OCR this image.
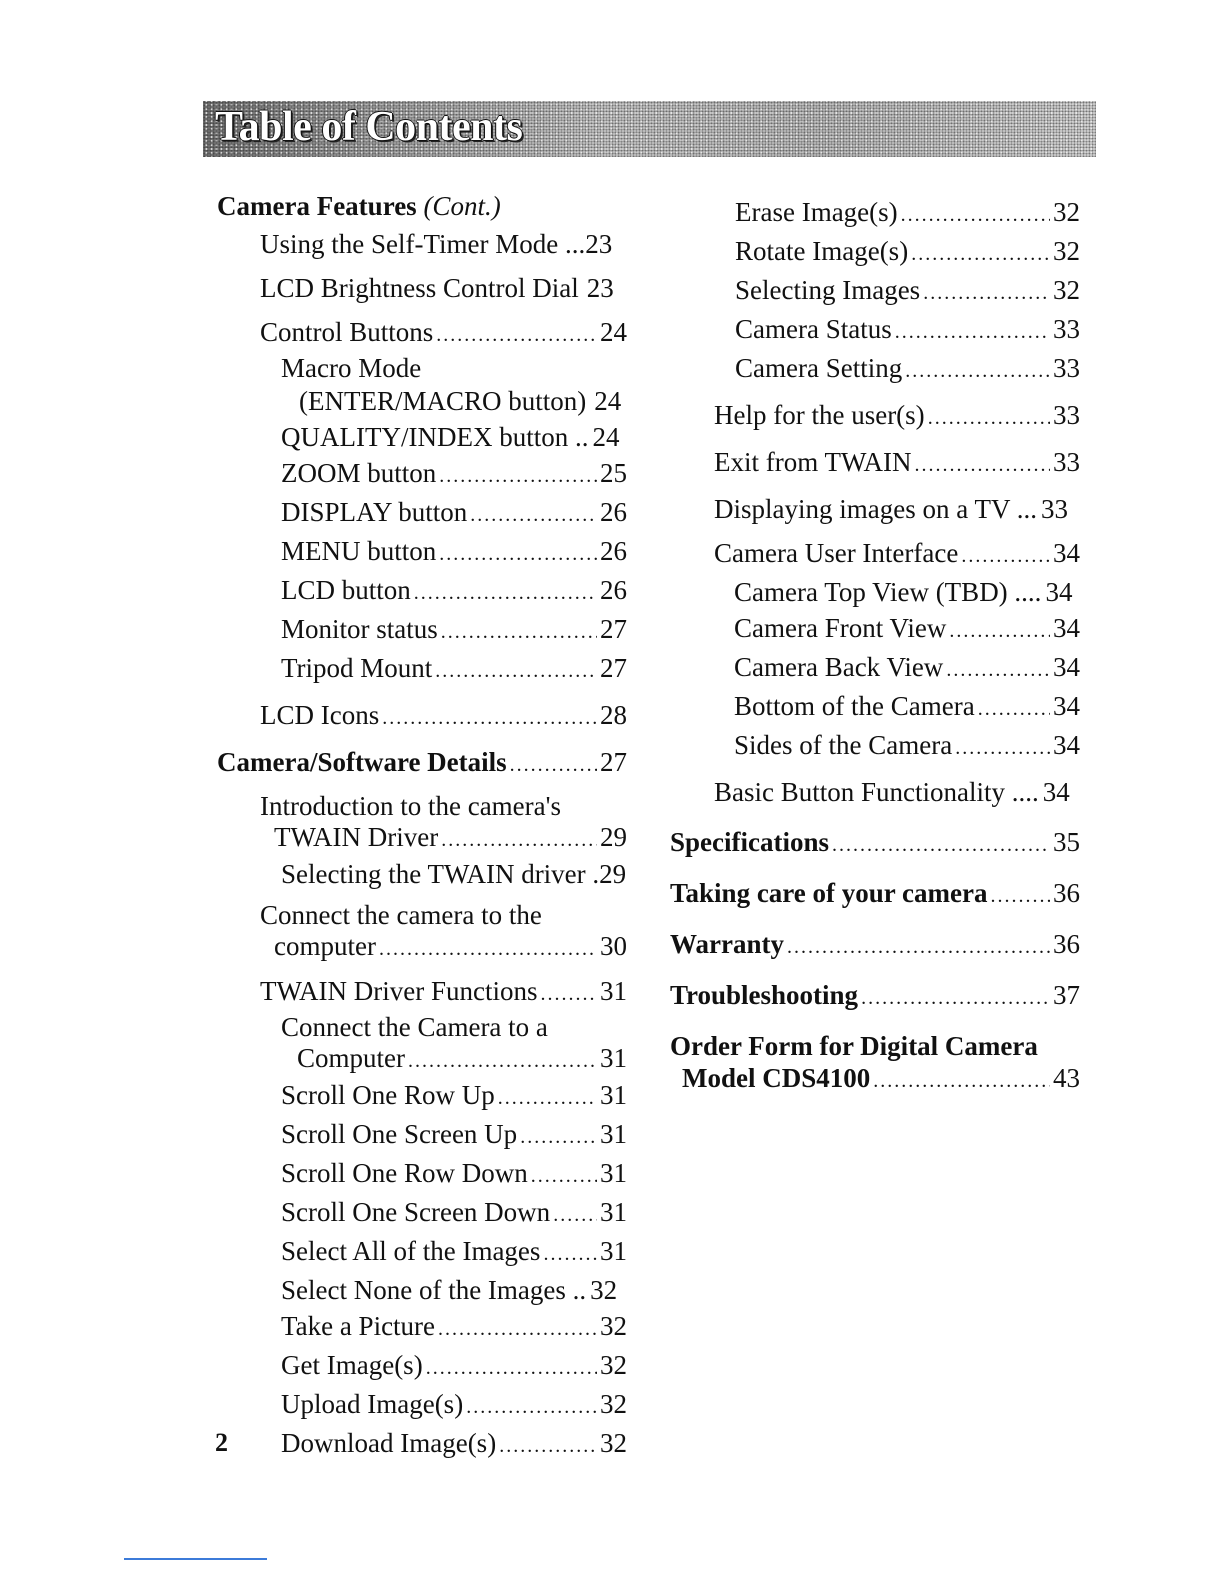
Table of Contents
Camera Features (Cont.)
Using the Self-Timer Mode ... 23
LCD Brightness Control Dial 23
Control Buttons .....	24
Macro Mode
(ENTER/MACRO button) 24
QUALITY/INDEX button .. 24
ZOOM button .....	25
DISPLAY button .....	26
MENU button .....	26
LCD button .....	26
Monitor status .....	27
Tripod Mount .....	27
LCD Icons .....	28
Camera/Software Details .....	27
Introduction to the camera's
TWAIN Driver .....	29
Selecting the TWAIN driver . 29
Connect the camera to the
computer .....	30
TWAIN Driver Functions ..... 31
Connect the Camera to a
Computer .....	31
Scroll One Row Up .....	31
Scroll One Screen Up .....	31
Scroll One Row Down .....	31
Scroll One Screen Down ..... 31
Select All of the Images ..... 31
Select None of the Images .. 32
Take a Picture .....	32
Get Image(s) .....	32
Upload Image(s) .....	32
Download Image(s) .....	32
Erase Image(s) .....	32
Rotate Image(s) .....	32
Selecting Images .....	32
Camera Status .....	33
Camera Setting .....	33
Help for the user(s) .....	33
Exit from TWAIN .....	33
Displaying images on a TV ... 33
Camera User Interface .....	34
Camera Top View (TBD) .... 34
Camera Front View .....	34
Camera Back View .....	34
Bottom of the Camera .....	34
Sides of the Camera .....	34
Basic Button Functionality .... 34
Specifications .....	35
Taking care of your camera ..... 36
Warranty .....	36
Troubleshooting .....	37
Order Form for Digital Camera
Model CDS4100 .....	43
2
